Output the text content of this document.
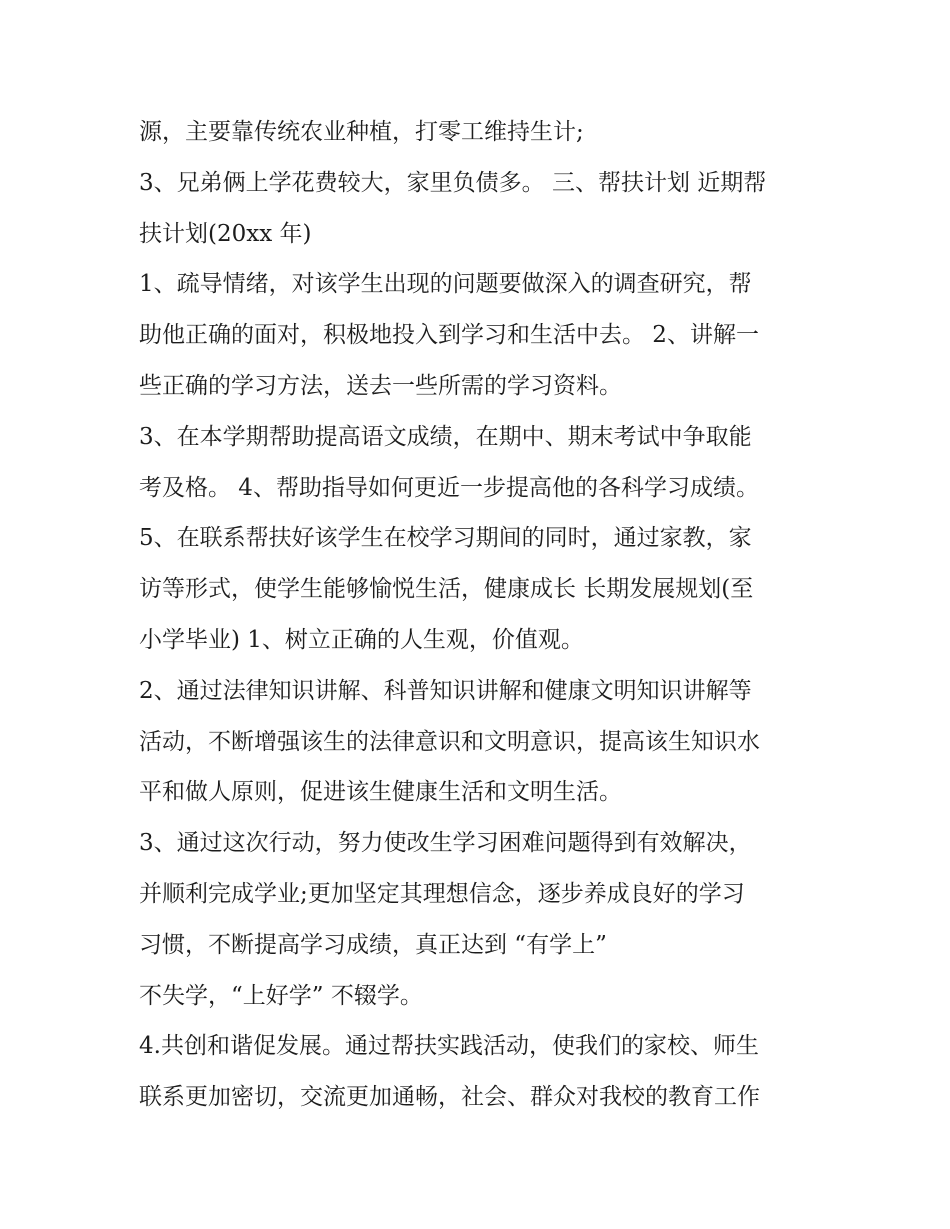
源，主要靠传统农业种植，打零工维持生计;
3、兄弟俩上学花费较大，家里负债多。 三、帮扶计划 近期帮
扶计划(20xx 年)
1、疏导情绪，对该学生出现的问题要做深入的调查研究，帮
助他正确的面对，积极地投入到学习和生活中去。 2、讲解一
些正确的学习方法，送去一些所需的学习资料。
3、在本学期帮助提高语文成绩，在期中、期末考试中争取能
考及格。 4、帮助指导如何更近一步提高他的各科学习成绩。
5、在联系帮扶好该学生在校学习期间的同时，通过家教，家
访等形式，使学生能够愉悦生活，健康成长 长期发展规划(至
小学毕业) 1、树立正确的人生观，价值观。
2、通过法律知识讲解、科普知识讲解和健康文明知识讲解等
活动，不断增强该生的法律意识和文明意识，提高该生知识水
平和做人原则，促进该生健康生活和文明生活。
3、通过这次行动，努力使改生学习困难问题得到有效解决，
并顺利完成学业;更加坚定其理想信念，逐步养成良好的学习
习惯，不断提高学习成绩，真正达到 “有学上”
不失学，“上好学” 不辍学。
4.共创和谐促发展。通过帮扶实践活动，使我们的家校、师生
联系更加密切，交流更加通畅，社会、群众对我校的教育工作
